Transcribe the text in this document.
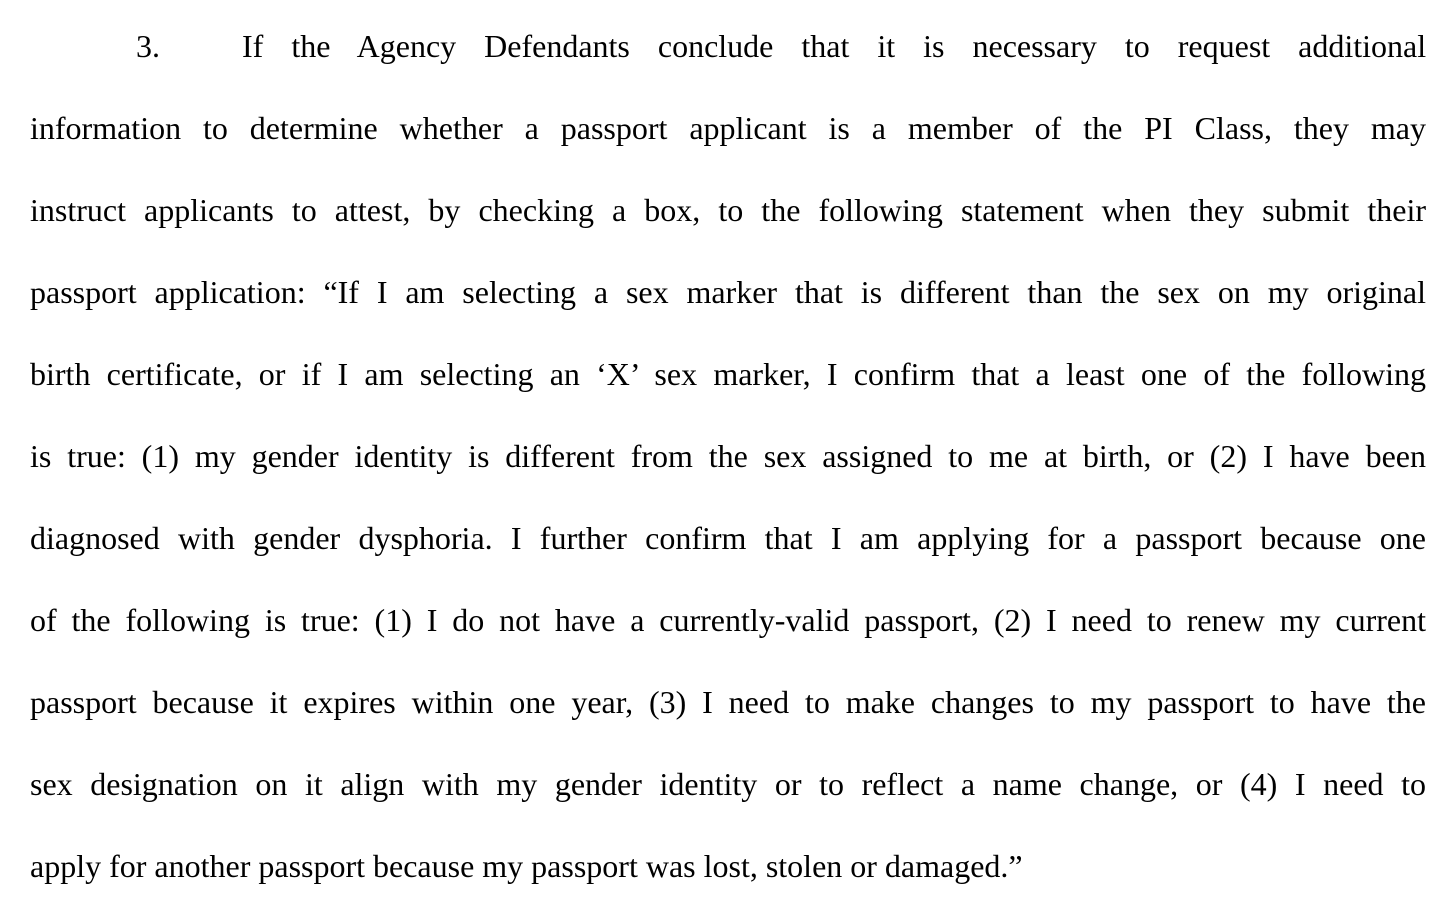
3.	If the Agency Defendants conclude that it is necessary to request additional
information to determine whether a passport applicant is a member of the PI Class, they may
instruct applicants to attest, by checking a box, to the following statement when they submit their
passport application: “If I am selecting a sex marker that is different than the sex on my original
birth certificate, or if I am selecting an ‘X’ sex marker, I confirm that a least one of the following
is true: (1) my gender identity is different from the sex assigned to me at birth, or (2) I have been
diagnosed with gender dysphoria. I further confirm that I am applying for a passport because one
of the following is true: (1) I do not have a currently-valid passport, (2) I need to renew my current
passport because it expires within one year, (3) I need to make changes to my passport to have the
sex designation on it align with my gender identity or to reflect a name change, or (4) I need to
apply for another passport because my passport was lost, stolen or damaged.”
